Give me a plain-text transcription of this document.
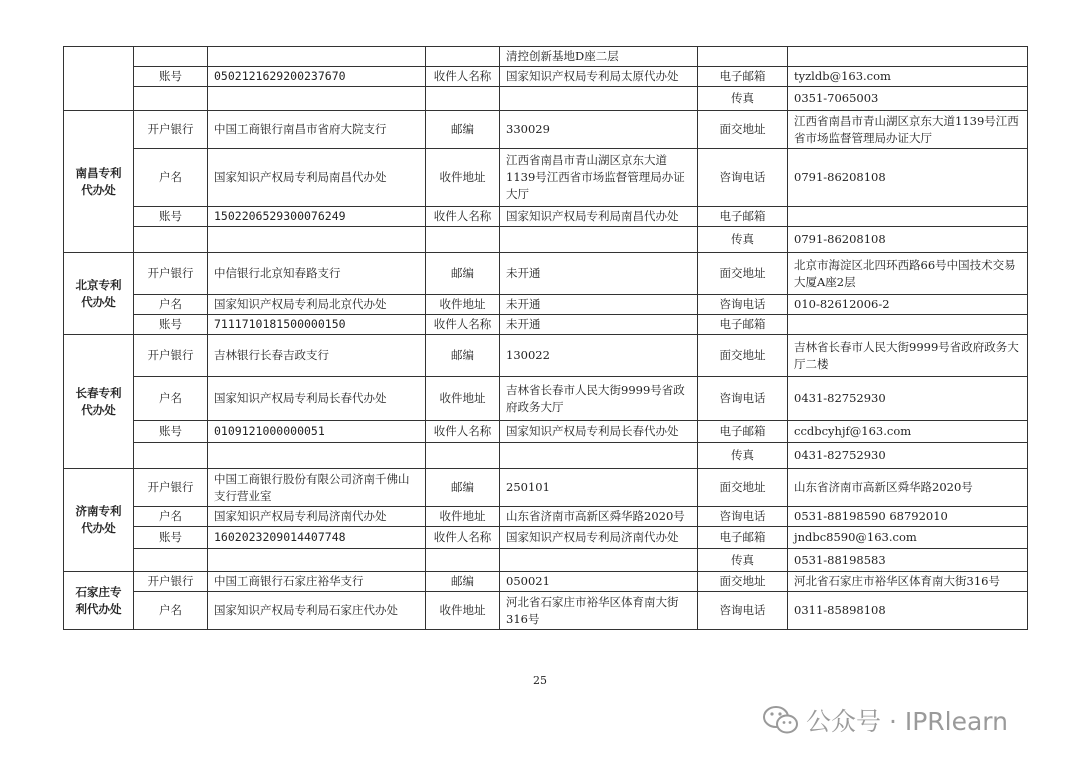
				清控创新基地D座二层		
	账号	0502121629200237670	收件人名称	国家知识产权局专利局太原代办处	电子邮箱	tyzldb@163.com
					传真	0351-7065003
南昌专利代办处	开户银行	中国工商银行南昌市省府大院支行	邮编	330029	面交地址	江西省南昌市青山湖区京东大道1139号江西省市场监督管理局办证大厅
	户名	国家知识产权局专利局南昌代办处	收件地址	江西省南昌市青山湖区京东大道1139号江西省市场监督管理局办证大厅	咨询电话	0791-86208108
	账号	1502206529300076249	收件人名称	国家知识产权局专利局南昌代办处	电子邮箱	
					传真	0791-86208108
北京专利代办处	开户银行	中信银行北京知春路支行	邮编	未开通	面交地址	北京市海淀区北四环西路66号中国技术交易大厦A座2层
	户名	国家知识产权局专利局北京代办处	收件地址	未开通	咨询电话	010-82612006-2
	账号	7111710181500000150	收件人名称	未开通	电子邮箱	
长春专利代办处	开户银行	吉林银行长春吉政支行	邮编	130022	面交地址	吉林省长春市人民大街9999号省政府政务大厅二楼
	户名	国家知识产权局专利局长春代办处	收件地址	吉林省长春市人民大街9999号省政府政务大厅	咨询电话	0431-82752930
	账号	0109121000000051	收件人名称	国家知识产权局专利局长春代办处	电子邮箱	ccdbcyhjf@163.com
					传真	0431-82752930
济南专利代办处	开户银行	中国工商银行股份有限公司济南千佛山支行营业室	邮编	250101	面交地址	山东省济南市高新区舜华路2020号
	户名	国家知识产权局专利局济南代办处	收件地址	山东省济南市高新区舜华路2020号	咨询电话	0531-88198590 68792010
	账号	1602023209014407748	收件人名称	国家知识产权局专利局济南代办处	电子邮箱	jndbc8590@163.com
					传真	0531-88198583
石家庄专利代办处	开户银行	中国工商银行石家庄裕华支行	邮编	050021	面交地址	河北省石家庄市裕华区体育南大街316号
	户名	国家知识产权局专利局石家庄代办处	收件地址	河北省石家庄市裕华区体育南大街316号	咨询电话	0311-85898108
25
公众号 · IPRlearn
